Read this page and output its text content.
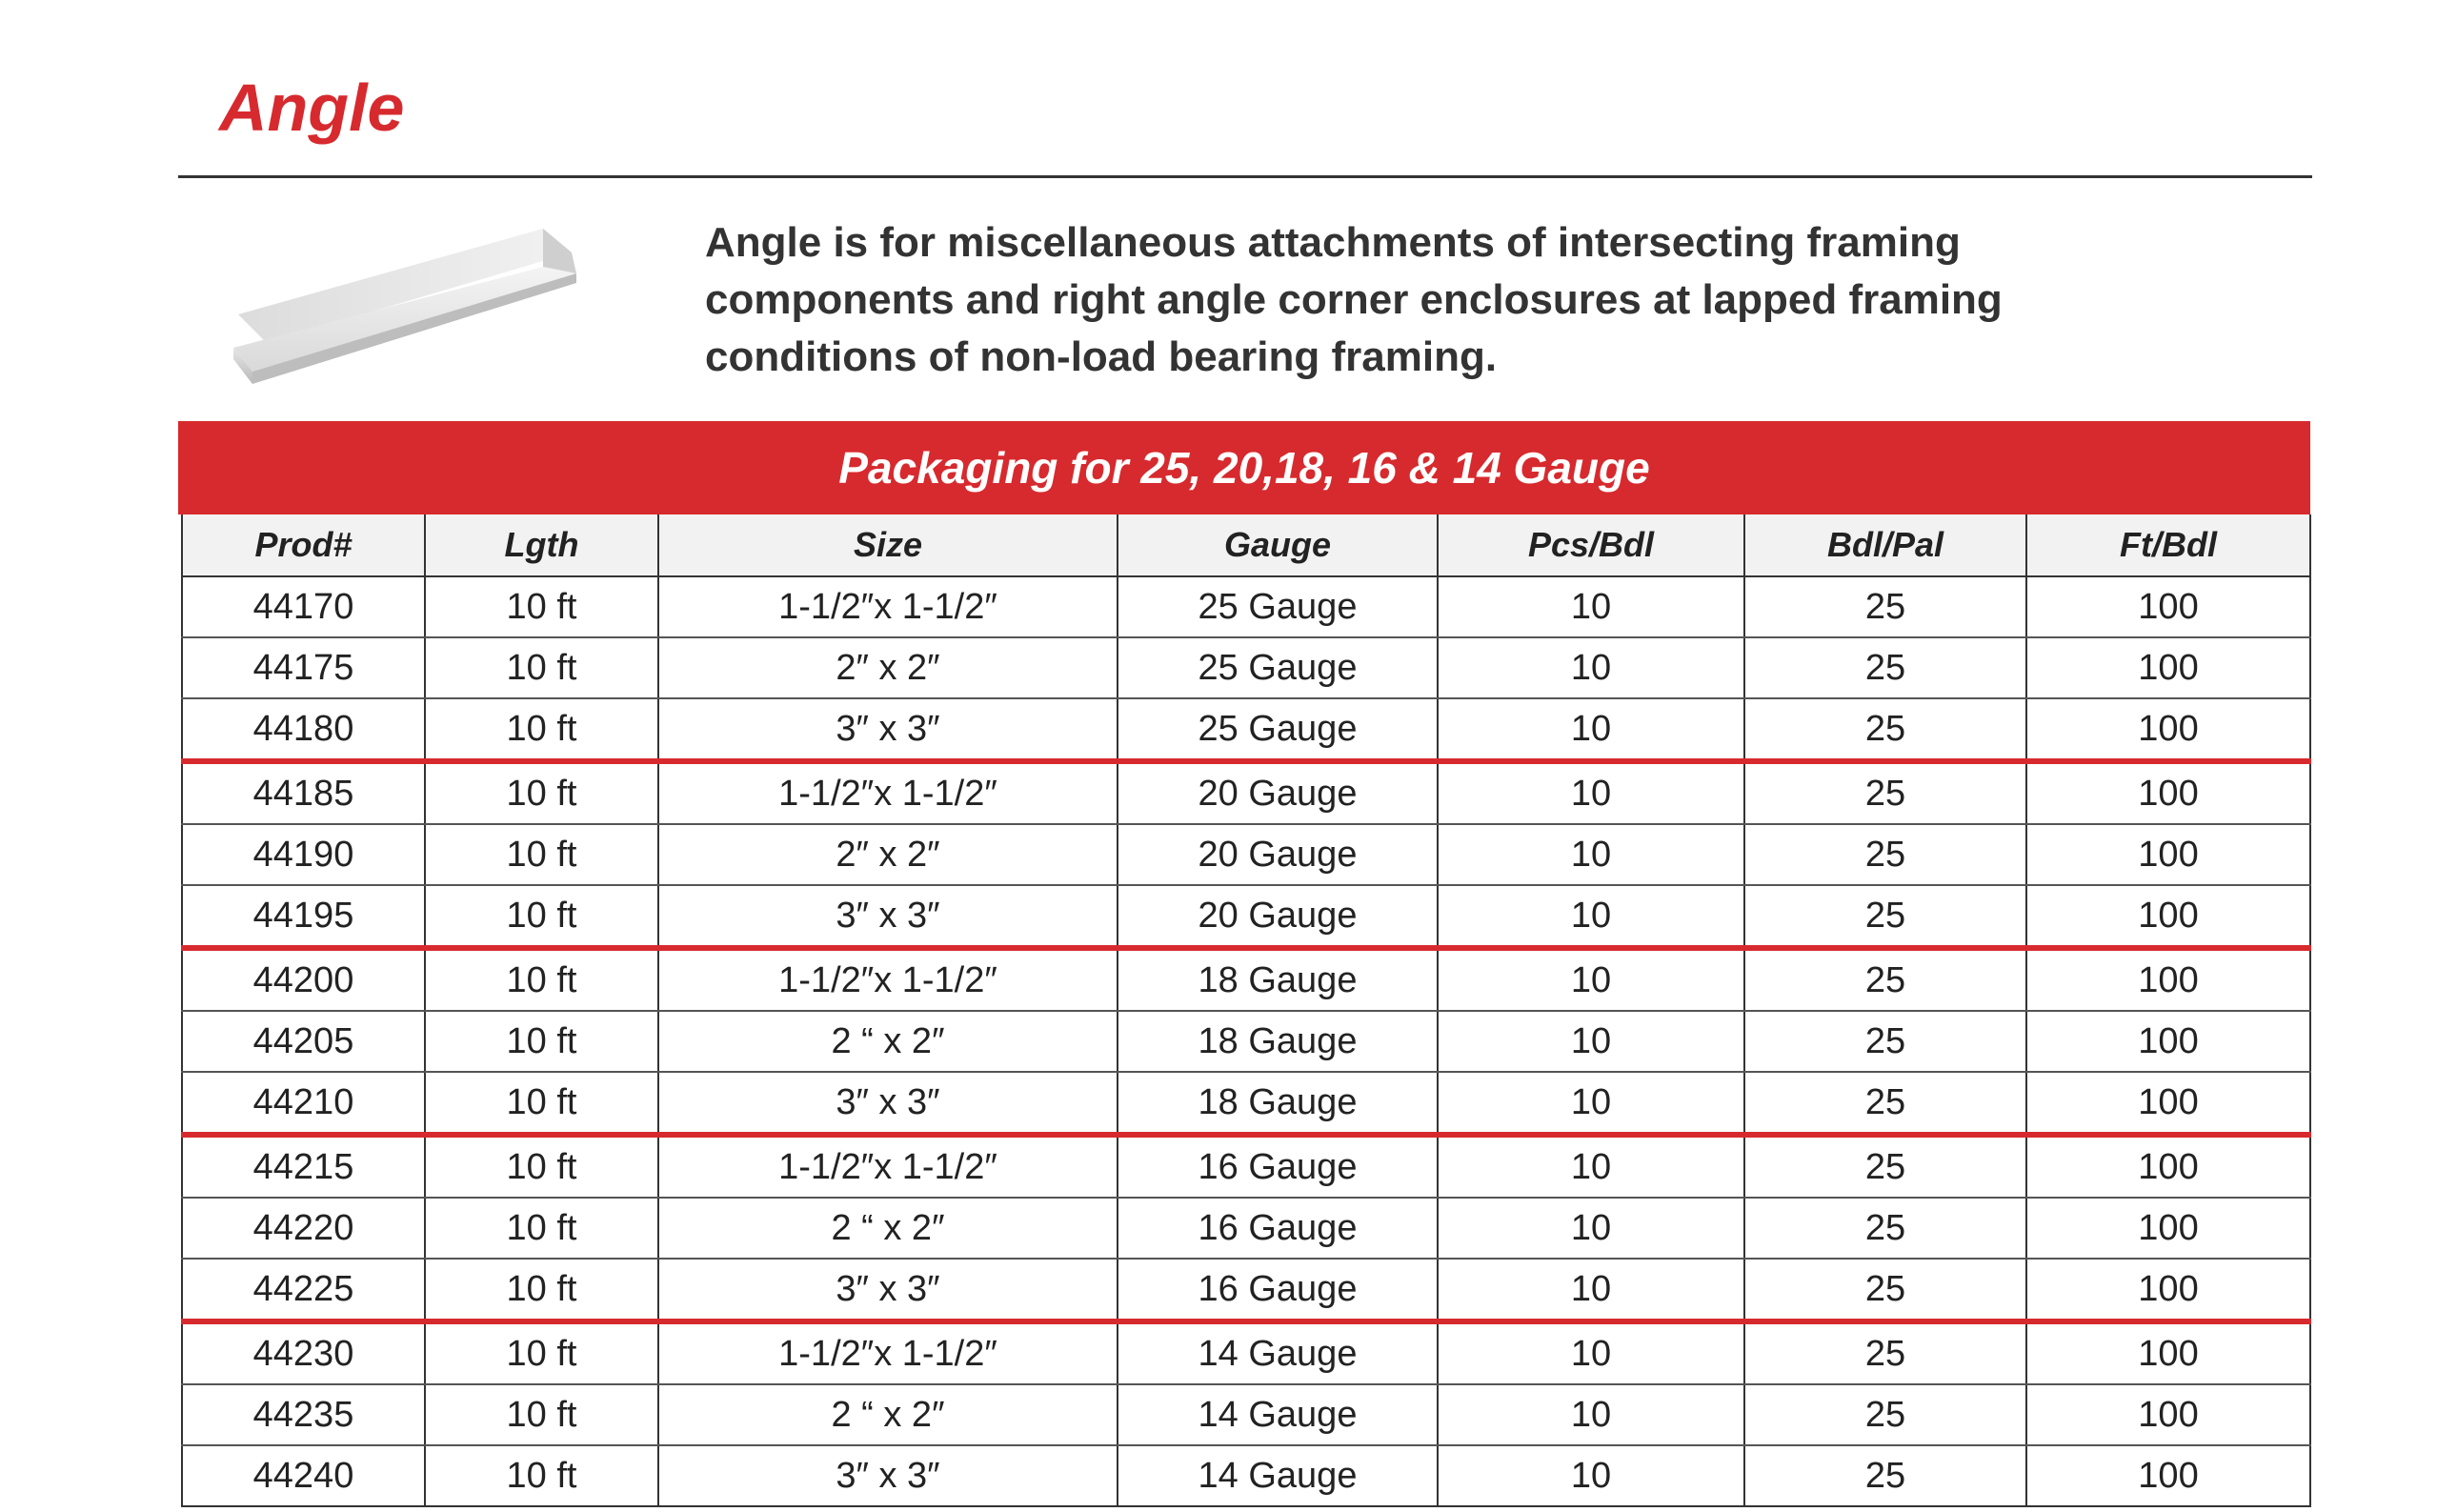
Angle
Angle is for miscellaneous attachments of intersecting framing components and right angle corner enclosures at lapped framing conditions of non-load bearing framing.
Packaging for 25, 20,18, 16 & 14 Gauge
Prod#	Lgth	Size	Gauge	Pcs/Bdl	Bdl/Pal	Ft/Bdl
44170	10 ft	1-1/2″x 1-1/2″	25 Gauge	10	25	100
44175	10 ft	2″ x 2″	25 Gauge	10	25	100
44180	10 ft	3″ x 3″	25 Gauge	10	25	100
44185	10 ft	1-1/2″x 1-1/2″	20 Gauge	10	25	100
44190	10 ft	2″ x 2″	20 Gauge	10	25	100
44195	10 ft	3″ x 3″	20 Gauge	10	25	100
44200	10 ft	1-1/2″x 1-1/2″	18 Gauge	10	25	100
44205	10 ft	2 “ x 2″	18 Gauge	10	25	100
44210	10 ft	3″ x 3″	18 Gauge	10	25	100
44215	10 ft	1-1/2″x 1-1/2″	16 Gauge	10	25	100
44220	10 ft	2 “ x 2″	16 Gauge	10	25	100
44225	10 ft	3″ x 3″	16 Gauge	10	25	100
44230	10 ft	1-1/2″x 1-1/2″	14 Gauge	10	25	100
44235	10 ft	2 “ x 2″	14 Gauge	10	25	100
44240	10 ft	3″ x 3″	14 Gauge	10	25	100
